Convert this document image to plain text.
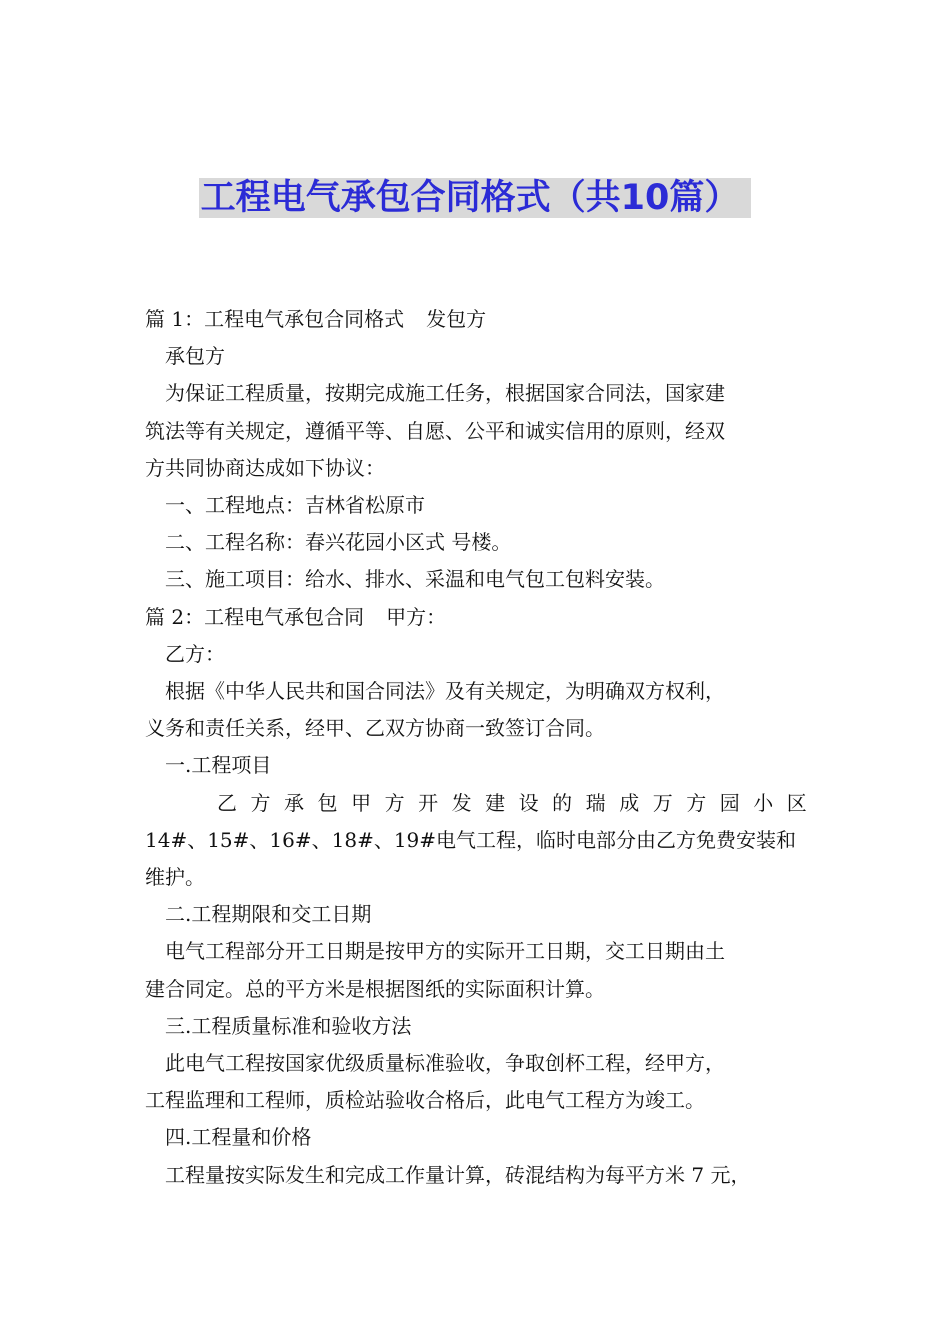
工程电气承包合同格式（共10篇）

篇 1：工程电气承包合同格式 发包方

承包方

为保证工程质量，按期完成施工任务，根据国家合同法，国家建

筑法等有关规定，遵循平等、自愿、公平和诚实信用的原则，经双

方共同协商达成如下协议：

一、工程地点：吉林省松原市

二、工程名称：春兴花园小区式 号楼。

三、施工项目：给水、排水、采温和电气包工包料安装。

篇 2：工程电气承包合同 甲方：

乙方：

根据《中华人民共和国合同法》及有关规定，为明确双方权利，

义务和责任关系，经甲、乙双方协商一致签订合同。

一.工程项目

乙 方 承 包 甲 方 开 发 建 设 的 瑞 成 万 方 园 小 区

14#、15#、16#、18#、19#电气工程，临时电部分由乙方免费安装和

维护。

二.工程期限和交工日期

电气工程部分开工日期是按甲方的实际开工日期，交工日期由土

建合同定。总的平方米是根据图纸的实际面积计算。

三.工程质量标准和验收方法

此电气工程按国家优级质量标准验收，争取创杯工程，经甲方，

工程监理和工程师，质检站验收合格后，此电气工程方为竣工。

四.工程量和价格

工程量按实际发生和完成工作量计算，砖混结构为每平方米 7 元，
